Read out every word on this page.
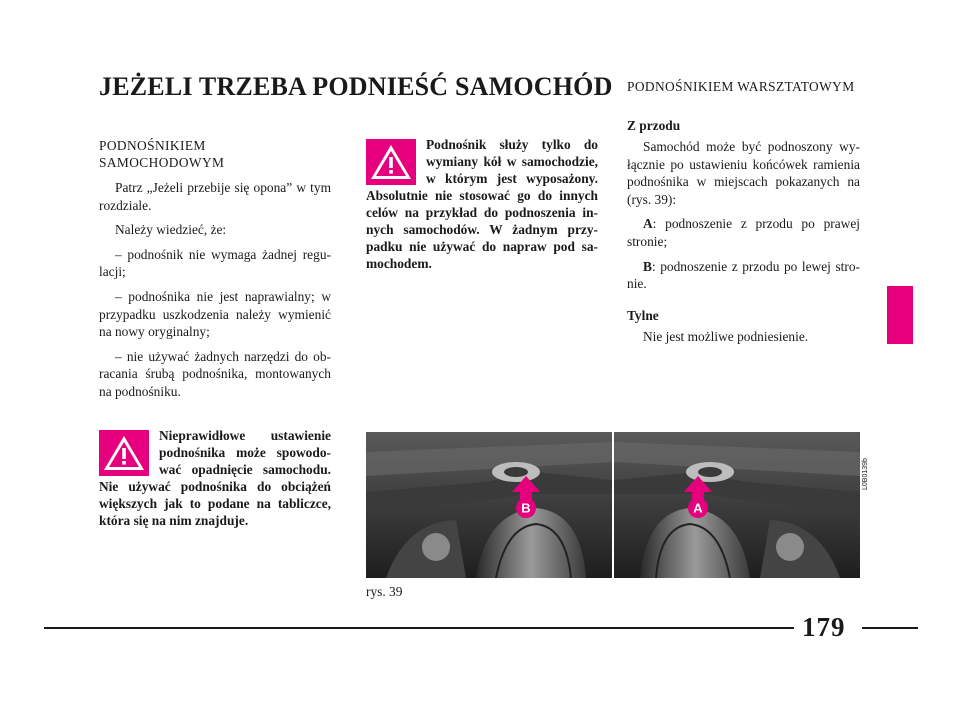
JEŻELI TRZEBA PODNIEŚĆ SAMOCHÓD
PODNOŚNIKIEM SAMOCHODOWYM

Patrz „Jeżeli przebije się opona” w tym rozdziale.

Należy wiedzieć, że:

– podnośnik nie wymaga żadnej regulacji;

– podnośnika nie jest naprawialny; w przypadku uszkodzenia należy wymienić na nowy oryginalny;

– nie używać żadnych narzędzi do obracania śrubą podnośnika, montowanych na podnośniku.

Nieprawidłowe ustawienie podnośnika może spowodować opadnięcie samochodu. Nie używać podnośnika do obciążeń większych jak to podane na tabliczce, która się na nim znajduje.
Podnośnik służy tylko do wymiany kół w samochodzie, w którym jest wyposażony. Absolutnie nie stosować go do innych celów na przykład do podnoszenia innych samochodów. W żadnym przypadku nie używać do napraw pod samochodem.
PODNOŚNIKIEM WARSZTATOWYM
Z przodu

Samochód może być podnoszony wyłącznie po ustawieniu końcówek ramienia podnośnika w miejscach pokazanych na (rys. 39):

A: podnoszenie z przodu po prawej stronie;

B: podnoszenie z przodu po lewej stronie.

Tylne

Nie jest możliwe podniesienie.

B	A
L0B0139b
rys. 39
179
